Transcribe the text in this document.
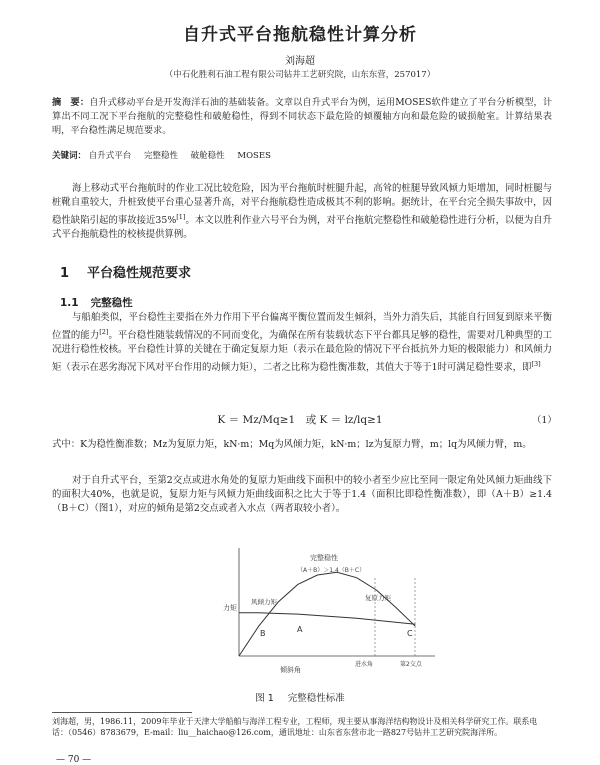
自升式平台拖航稳性计算分析
刘海超
（中石化胜利石油工程有限公司钻井工艺研究院，山东东营，257017）
摘　要：自升式移动平台是开发海洋石油的基础装备。文章以自升式平台为例，运用MOSES软件建立了平台分析模型，计算出不同工况下平台拖航的完整稳性和破舱稳性，得到不同状态下最危险的倾覆轴方向和最危险的破损舱室。计算结果表明，平台稳性满足规范要求。
关键词： 自升式平台 完整稳性 破舱稳性 MOSES
海上移动式平台拖航时的作业工况比较危险，因为平台拖航时桩腿升起，高耸的桩腿导致风倾力矩增加，同时桩腿与桩靴自重较大，升桩致使平台重心显著升高，对平台拖航稳性造成极其不利的影响。据统计，在平台完全损失事故中，因稳性缺陷引起的事故接近35%[1]。本文以胜利作业六号平台为例，对平台拖航完整稳性和破舱稳性进行分析，以便为自升式平台拖航稳性的校核提供算例。
1 平台稳性规范要求
1.1 完整稳性
与船舶类似，平台稳性主要指在外力作用下平台偏离平衡位置而发生倾斜，当外力消失后，其能自行回复到原来平衡位置的能力[2]。平台稳性随装载情况的不同而变化，为确保在所有装载状态下平台都具足够的稳性，需要对几种典型的工况进行稳性校核。平台稳性计算的关键在于确定复原力矩（表示在最危险的情况下平台抵抗外力矩的极限能力）和风倾力矩（表示在恶劣海况下风对平台作用的动倾力矩），二者之比称为稳性衡准数，其值大于等于1时可满足稳性要求，即[3]
K ＝ Mz/Mq≥1　或 K ＝ lz/lq≥1	（1）
式中：K为稳性衡准数；Mz为复原力矩，kN·m；Mq为风倾力矩，kN·m；lz为复原力臂，m；lq为风倾力臂，m。
对于自升式平台，至第2交点或进水角处的复原力矩曲线下面积中的较小者至少应比至同一限定角处风倾力矩曲线下的面积大40%，也就是说，复原力矩与风倾力矩曲线面积之比大于等于1.4（面积比即稳性衡准数），即（A＋B）≥1.4（B＋C）（图1），对应的倾角是第2交点或者入水点（两者取较小者）。
力矩
倾斜角
完整稳性
（A＋B）＞1.4（B＋C）
复原力矩
风倾力矩
A
B	C
进水角	第2交点
图 1 完整稳性标准
刘海超，男，1986.11，2009年毕业于天津大学船舶与海洋工程专业，工程师，现主要从事海洋结构物设计及相关科学研究工作。联系电话：（0546）8783679，E-mail：liu__haichao@126.com，通讯地址：山东省东营市北一路827号钻井工艺研究院海洋所。
— 70 —
